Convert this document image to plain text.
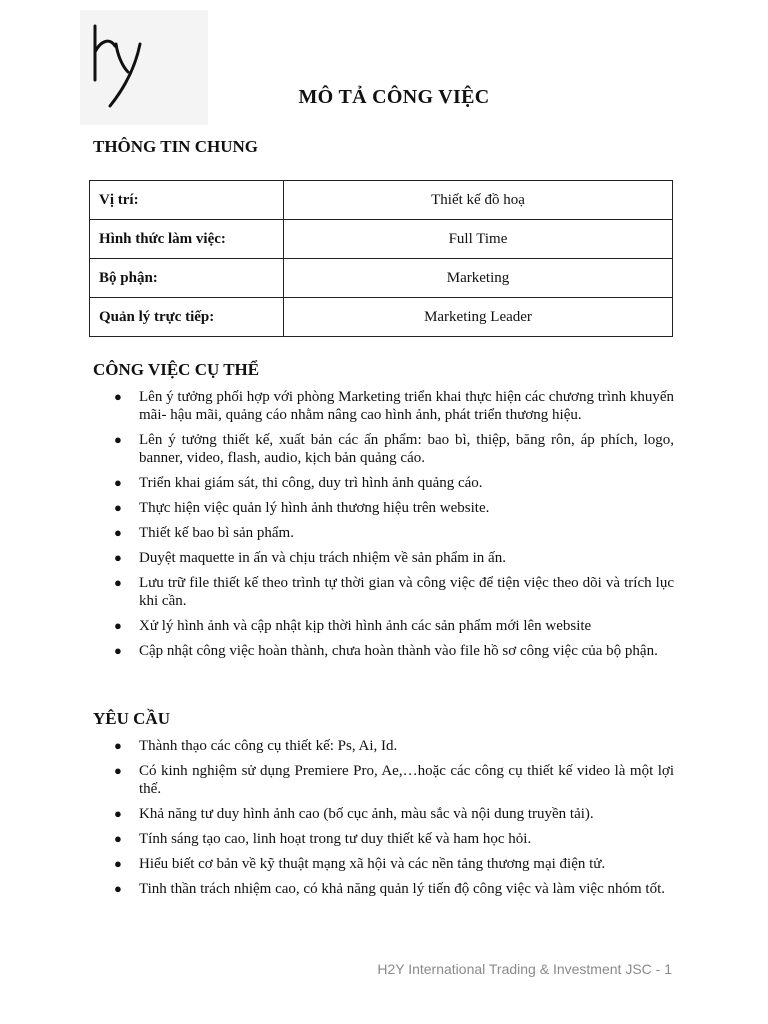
MÔ TẢ CÔNG VIỆC
THÔNG TIN CHUNG
Vị trí:	Thiết kế đồ hoạ
Hình thức làm việc:	Full Time
Bộ phận:	Marketing
Quản lý trực tiếp:	Marketing Leader
CÔNG VIỆC CỤ THỂ
● Lên ý tưởng phối hợp với phòng Marketing triển khai thực hiện các chương trình khuyến mãi- hậu mãi, quảng cáo nhằm nâng cao hình ảnh, phát triển thương hiệu.
● Lên ý tưởng thiết kế, xuất bản các ấn phẩm: bao bì, thiệp, băng rôn, áp phích, logo, banner, video, flash, audio, kịch bản quảng cáo.
● Triển khai giám sát, thi công, duy trì hình ảnh quảng cáo.
● Thực hiện việc quản lý hình ảnh thương hiệu trên website.
● Thiết kế bao bì sản phẩm.
● Duyệt maquette in ấn và chịu trách nhiệm về sản phẩm in ấn.
● Lưu trữ file thiết kế theo trình tự thời gian và công việc để tiện việc theo dõi và trích lục khi cần.
● Xử lý hình ảnh và cập nhật kịp thời hình ảnh các sản phẩm mới lên website
● Cập nhật công việc hoàn thành, chưa hoàn thành vào file hồ sơ công việc của bộ phận.
YÊU CẦU
● Thành thạo các công cụ thiết kế: Ps, Ai, Id.
● Có kinh nghiệm sử dụng Premiere Pro, Ae,…hoặc các công cụ thiết kế video là một lợi thế.
● Khả năng tư duy hình ảnh cao (bố cục ảnh, màu sắc và nội dung truyền tải).
● Tính sáng tạo cao, linh hoạt trong tư duy thiết kế và ham học hỏi.
● Hiểu biết cơ bản về kỹ thuật mạng xã hội và các nền tảng thương mại điện tử.
● Tinh thần trách nhiệm cao, có khả năng quản lý tiến độ công việc và làm việc nhóm tốt.
H2Y International Trading & Investment JSC - 1
